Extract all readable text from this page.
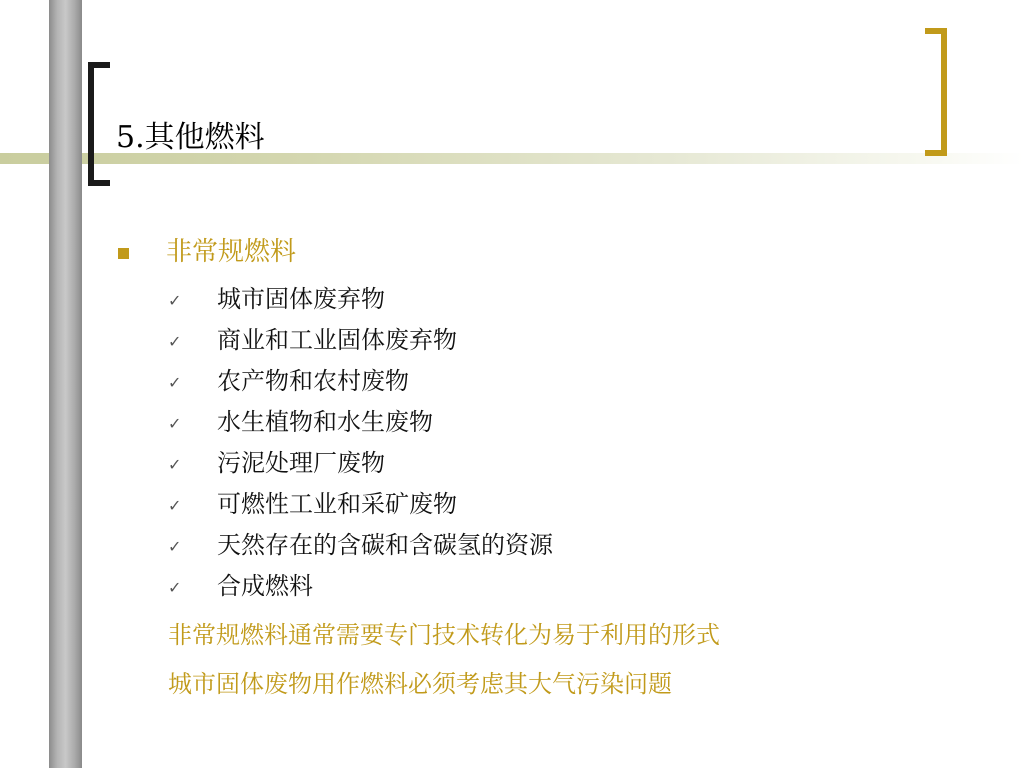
5.其他燃料
非常规燃料
✓ 城市固体废弃物
✓ 商业和工业固体废弃物
✓ 农产物和农村废物
✓ 水生植物和水生废物
✓ 污泥处理厂废物
✓ 可燃性工业和采矿废物
✓ 天然存在的含碳和含碳氢的资源
✓ 合成燃料
非常规燃料通常需要专门技术转化为易于利用的形式
城市固体废物用作燃料必须考虑其大气污染问题
